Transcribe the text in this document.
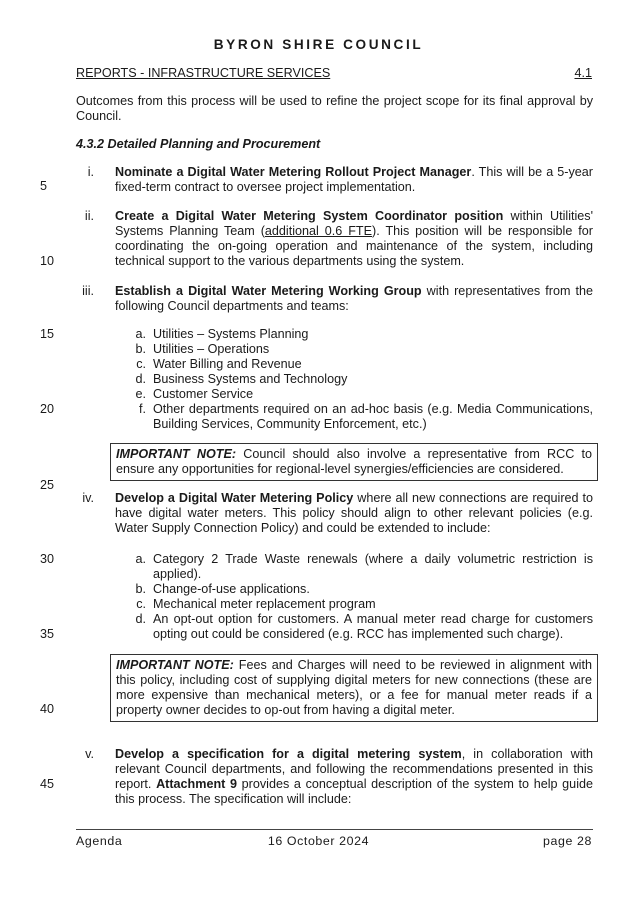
BYRON SHIRE COUNCIL
REPORTS - INFRASTRUCTURE SERVICES	4.1
Outcomes from this process will be used to refine the project scope for its final approval by Council.
4.3.2 Detailed Planning and Procurement
5
10
15
20
25
30
35
40
45
i. Nominate a Digital Water Metering Rollout Project Manager. This will be a 5-year fixed-term contract to oversee project implementation.
ii. Create a Digital Water Metering System Coordinator position within Utilities' Systems Planning Team (additional 0.6 FTE). This position will be responsible for coordinating the on-going operation and maintenance of the system, including technical support to the various departments using the system.
iii. Establish a Digital Water Metering Working Group with representatives from the following Council departments and teams:
a. Utilities – Systems Planning
b. Utilities – Operations
c. Water Billing and Revenue
d. Business Systems and Technology
e. Customer Service
f. Other departments required on an ad-hoc basis (e.g. Media Communications, Building Services, Community Enforcement, etc.)
IMPORTANT NOTE: Council should also involve a representative from RCC to ensure any opportunities for regional-level synergies/efficiencies are considered.
iv. Develop a Digital Water Metering Policy where all new connections are required to have digital water meters. This policy should align to other relevant policies (e.g. Water Supply Connection Policy) and could be extended to include:
a. Category 2 Trade Waste renewals (where a daily volumetric restriction is applied).
b. Change-of-use applications.
c. Mechanical meter replacement program
d. An opt-out option for customers. A manual meter read charge for customers opting out could be considered (e.g. RCC has implemented such charge).
IMPORTANT NOTE: Fees and Charges will need to be reviewed in alignment with this policy, including cost of supplying digital meters for new connections (these are more expensive than mechanical meters), or a fee for manual meter reads if a property owner decides to op-out from having a digital meter.
v. Develop a specification for a digital metering system, in collaboration with relevant Council departments, and following the recommendations presented in this report. Attachment 9 provides a conceptual description of the system to help guide this process. The specification will include:
Agenda	16 October 2024	page 28
